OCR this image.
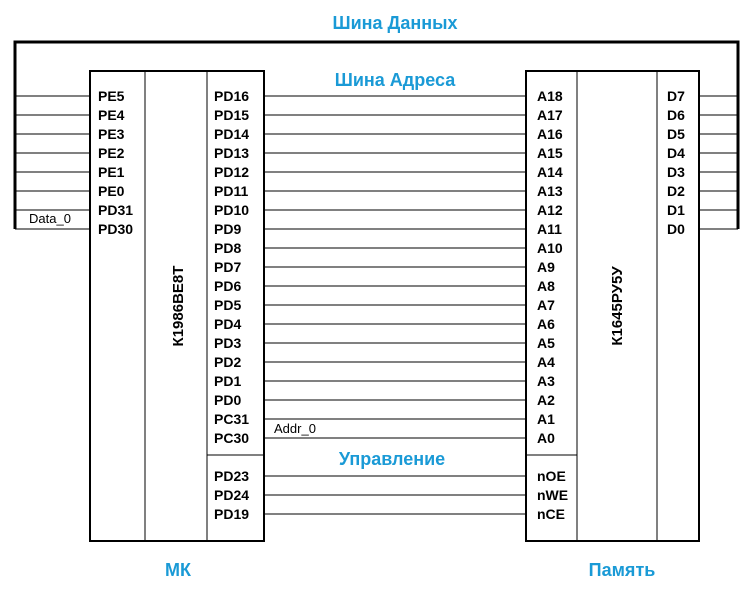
Шина Данных
Шина Адреса
Управление
К1986ВЕ8Т	К1645РУ5У
PE5
PE4
PE3
PE2
PE1
PE0
PD31
PD30
PD16
PD15
PD14
PD13
PD12
PD11
PD10
PD9
PD8
PD7
PD6
PD5
PD4
PD3
PD2
PD1
PD0
PC31
PC30
PD23
PD24
PD19
A18
A17
A16
A15
A14
A13
A12
A11
A10
A9
A8
A7
A6
A5
A4
A3
A2
A1
A0
nOE
nWE
nCE
D7
D6
D5
D4
D3
D2
D1
D0
Data_0
Addr_0
МК	Память
